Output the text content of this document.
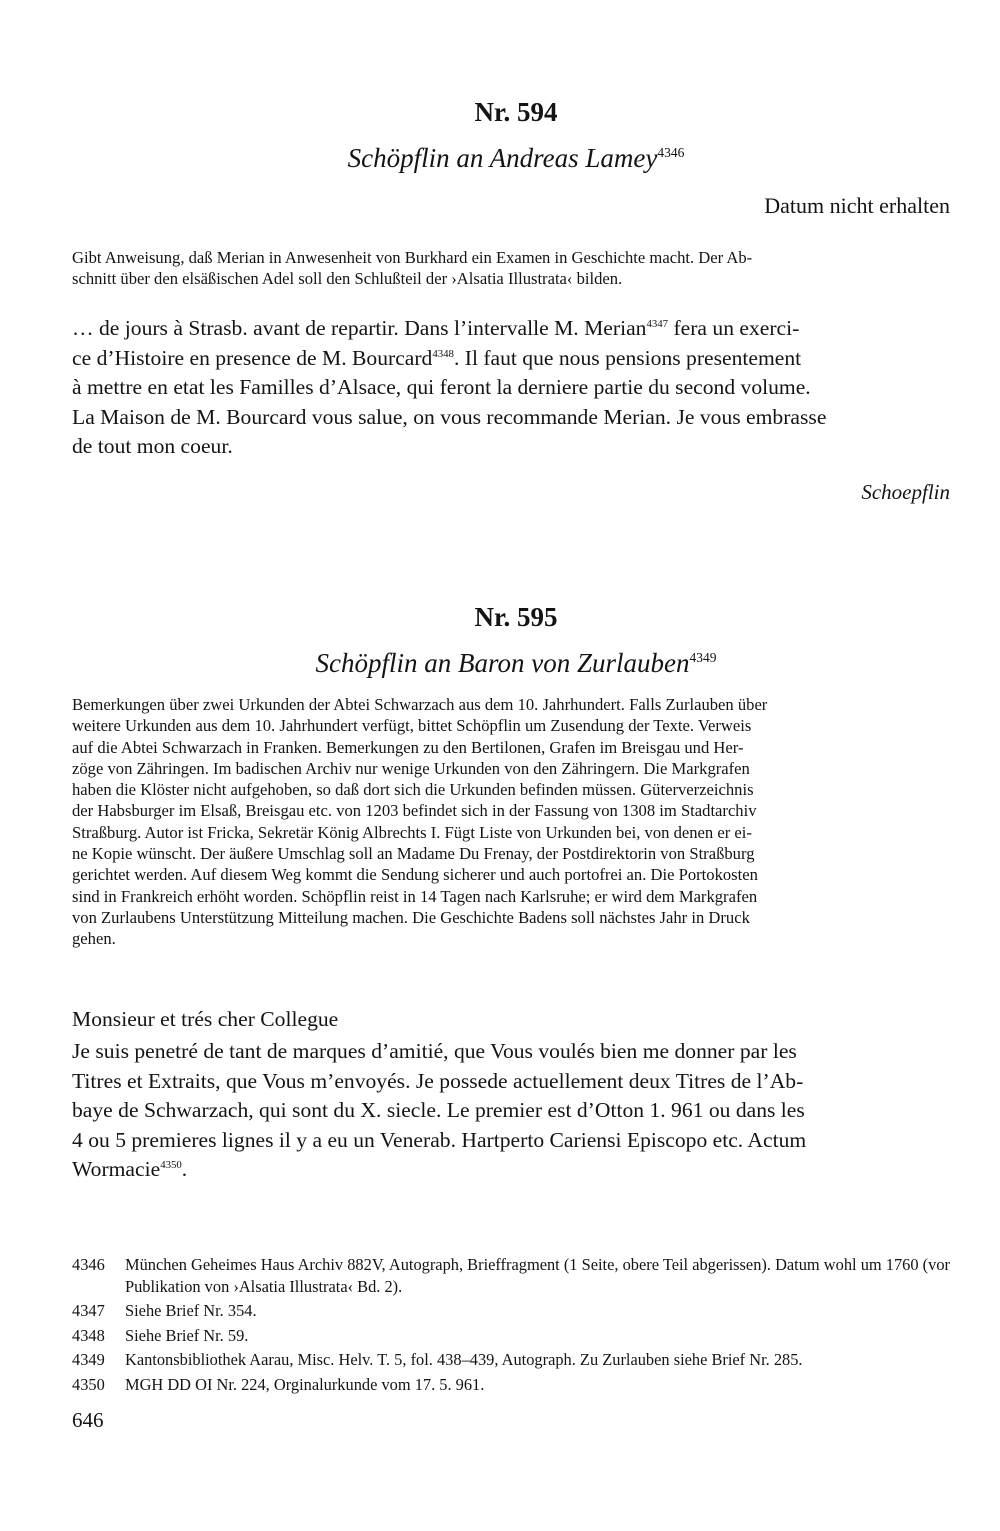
Nr. 594
Schöpflin an Andreas Lamey$^{4346}$
Datum nicht erhalten

Gibt Anweisung, daß Merian in Anwesenheit von Burkhard ein Examen in Geschichte macht. Der Ab-

schnitt über den elsäßischen Adel soll den Schlußteil der ›Alsatia Illustrata‹ bilden.

… de jours à Strasb. avant de repartir. Dans l’intervalle M. Merian$^{4347}$ fera un exerci-

ce d’Histoire en presence de M. Bourcard$^{4348}$. Il faut que nous pensions presentement

à mettre en etat les Familles d’Alsace, qui feront la derniere partie du second volume.

La Maison de M. Bourcard vous salue, on vous recommande Merian. Je vous embrasse

de tout mon coeur.

Schoepflin
Nr. 595
Schöpflin an Baron von Zurlauben$^{4349}$

Bemerkungen über zwei Urkunden der Abtei Schwarzach aus dem 10. Jahrhundert. Falls Zurlauben über

weitere Urkunden aus dem 10. Jahrhundert verfügt, bittet Schöpflin um Zusendung der Texte. Verweis

auf die Abtei Schwarzach in Franken. Bemerkungen zu den Bertilonen, Grafen im Breisgau und Her-

zöge von Zähringen. Im badischen Archiv nur wenige Urkunden von den Zähringern. Die Markgrafen

haben die Klöster nicht aufgehoben, so daß dort sich die Urkunden befinden müssen. Güterverzeichnis

der Habsburger im Elsaß, Breisgau etc. von 1203 befindet sich in der Fassung von 1308 im Stadtarchiv

Straßburg. Autor ist Fricka, Sekretär König Albrechts I. Fügt Liste von Urkunden bei, von denen er ei-

ne Kopie wünscht. Der äußere Umschlag soll an Madame Du Frenay, der Postdirektorin von Straßburg

gerichtet werden. Auf diesem Weg kommt die Sendung sicherer und auch portofrei an. Die Portokosten

sind in Frankreich erhöht worden. Schöpflin reist in 14 Tagen nach Karlsruhe; er wird dem Markgrafen

von Zurlaubens Unterstützung Mitteilung machen. Die Geschichte Badens soll nächstes Jahr in Druck

gehen.

Monsieur et trés cher Collegue

Je suis penetré de tant de marques d’amitié, que Vous voulés bien me donner par les

Titres et Extraits, que Vous m’envoyés. Je possede actuellement deux Titres de l’Ab-

baye de Schwarzach, qui sont du X. siecle. Le premier est d’Otton 1. 961 ou dans les

4 ou 5 premieres lignes il y a eu un Venerab. Hartperto Cariensi Episcopo etc. Actum

Wormacie$^{4350}$.

4346	München Geheimes Haus Archiv 882V, Autograph, Brieffragment (1 Seite, obere Teil abgerissen). Datum wohl um 1760 (vor Publikation von ›Alsatia Illustrata‹ Bd. 2).
4347	Siehe Brief Nr. 354.
4348	Siehe Brief Nr. 59.
4349	Kantonsbibliothek Aarau, Misc. Helv. T. 5, fol. 438–439, Autograph. Zu Zurlauben siehe Brief Nr. 285.
4350	MGH DD OI Nr. 224, Orginalurkunde vom 17. 5. 961.
646
